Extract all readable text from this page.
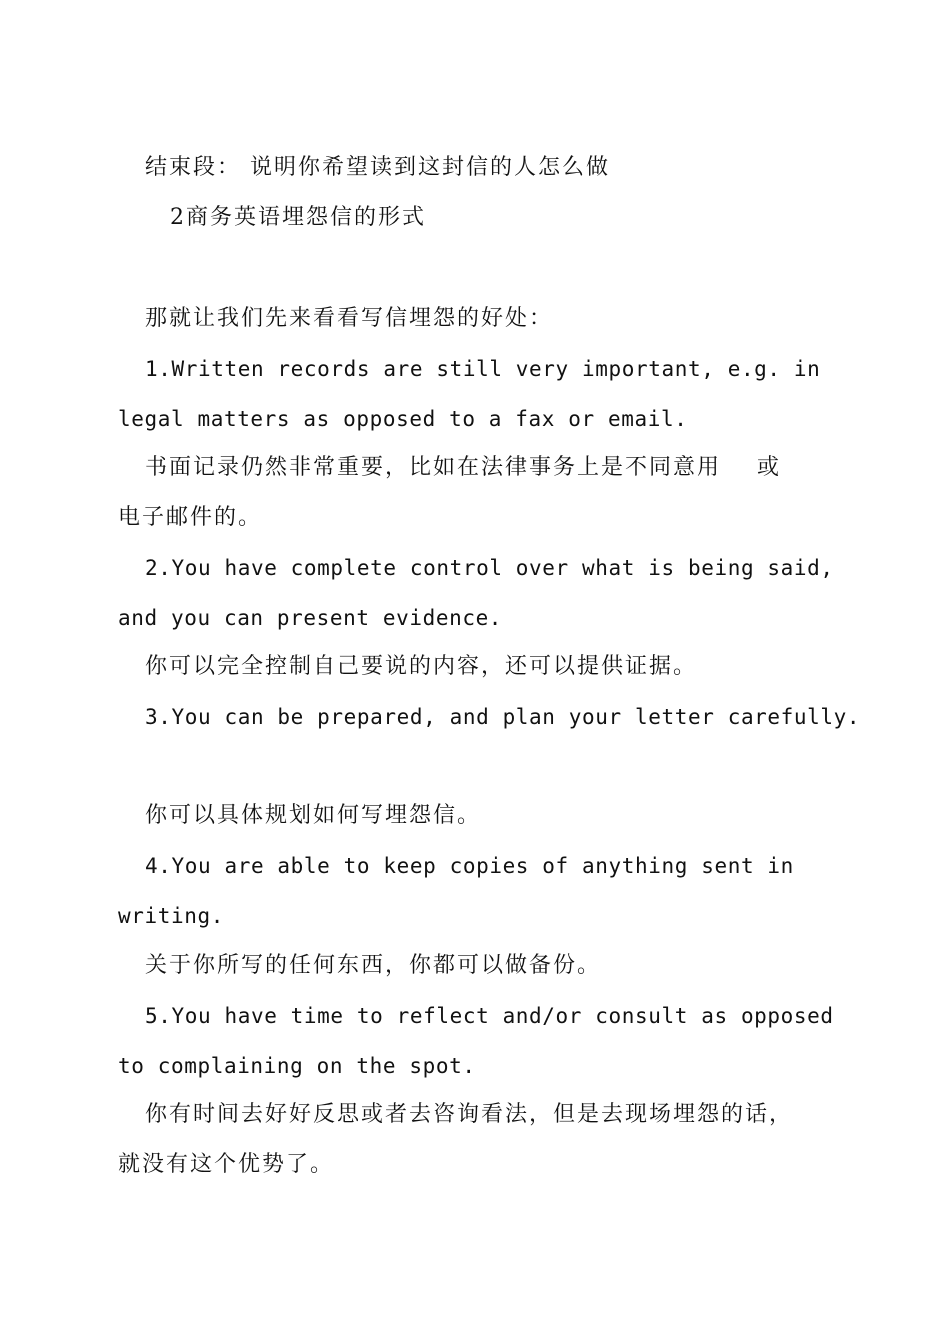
结束段： 说明你希望读到这封信的人怎么做
2商务英语埋怨信的形式
那就让我们先来看看写信埋怨的好处：
1.Written records are still very important, e.g. in
legal matters as opposed to a fax or email.
书面记录仍然非常重要，比如在法律事务上是不同意用 或
电子邮件的。
2.You have complete control over what is being said,
and you can present evidence.
你可以完全控制自己要说的内容，还可以提供证据。
3.You can be prepared, and plan your letter carefully.
你可以具体规划如何写埋怨信。
4.You are able to keep copies of anything sent in
writing.
关于你所写的任何东西，你都可以做备份。
5.You have time to reflect and/or consult as opposed
to complaining on the spot.
你有时间去好好反思或者去咨询看法，但是去现场埋怨的话，
就没有这个优势了。
